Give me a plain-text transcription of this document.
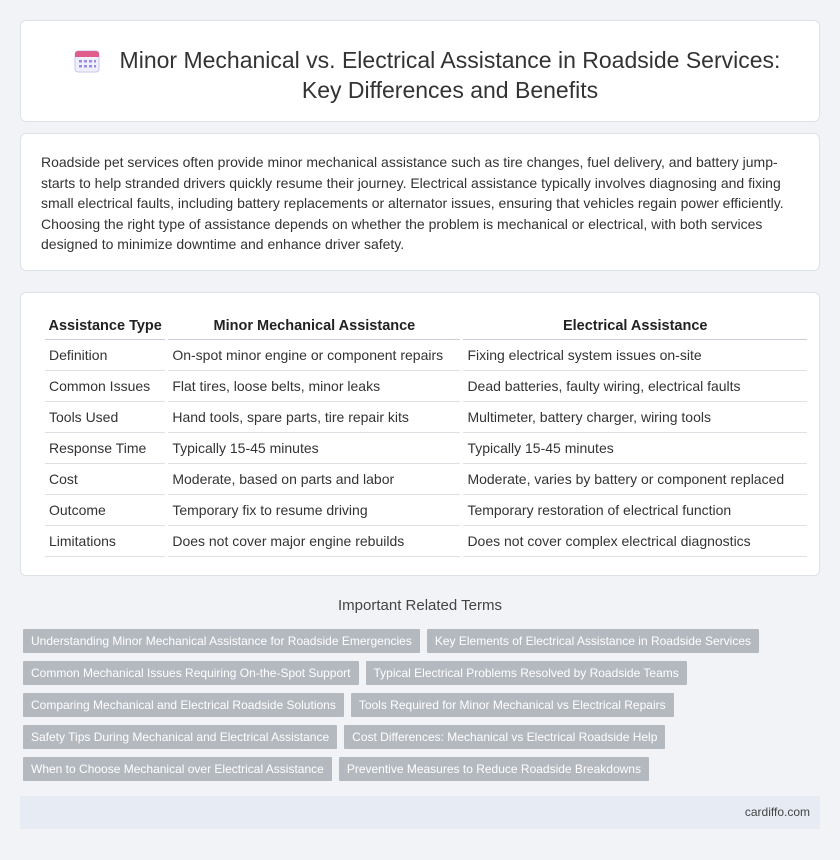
Minor Mechanical vs. Electrical Assistance in Roadside Services: Key Differences and Benefits

Roadside pet services often provide minor mechanical assistance such as tire changes, fuel delivery, and battery jump-starts to help stranded drivers quickly resume their journey. Electrical assistance typically involves diagnosing and fixing small electrical faults, including battery replacements or alternator issues, ensuring that vehicles regain power efficiently. Choosing the right type of assistance depends on whether the problem is mechanical or electrical, with both services designed to minimize downtime and enhance driver safety.

Assistance Type	Minor Mechanical Assistance	Electrical Assistance
Definition	On-spot minor engine or component repairs	Fixing electrical system issues on-site
Common Issues	Flat tires, loose belts, minor leaks	Dead batteries, faulty wiring, electrical faults
Tools Used	Hand tools, spare parts, tire repair kits	Multimeter, battery charger, wiring tools
Response Time	Typically 15-45 minutes	Typically 15-45 minutes
Cost	Moderate, based on parts and labor	Moderate, varies by battery or component replaced
Outcome	Temporary fix to resume driving	Temporary restoration of electrical function
Limitations	Does not cover major engine rebuilds	Does not cover complex electrical diagnostics
Important Related Terms
Understanding Minor Mechanical Assistance for Roadside Emergencies	Key Elements of Electrical Assistance in Roadside Services
Common Mechanical Issues Requiring On-the-Spot Support	Typical Electrical Problems Resolved by Roadside Teams
Comparing Mechanical and Electrical Roadside Solutions	Tools Required for Minor Mechanical vs Electrical Repairs
Safety Tips During Mechanical and Electrical Assistance	Cost Differences: Mechanical vs Electrical Roadside Help
When to Choose Mechanical over Electrical Assistance	Preventive Measures to Reduce Roadside Breakdowns
cardiffo.com
